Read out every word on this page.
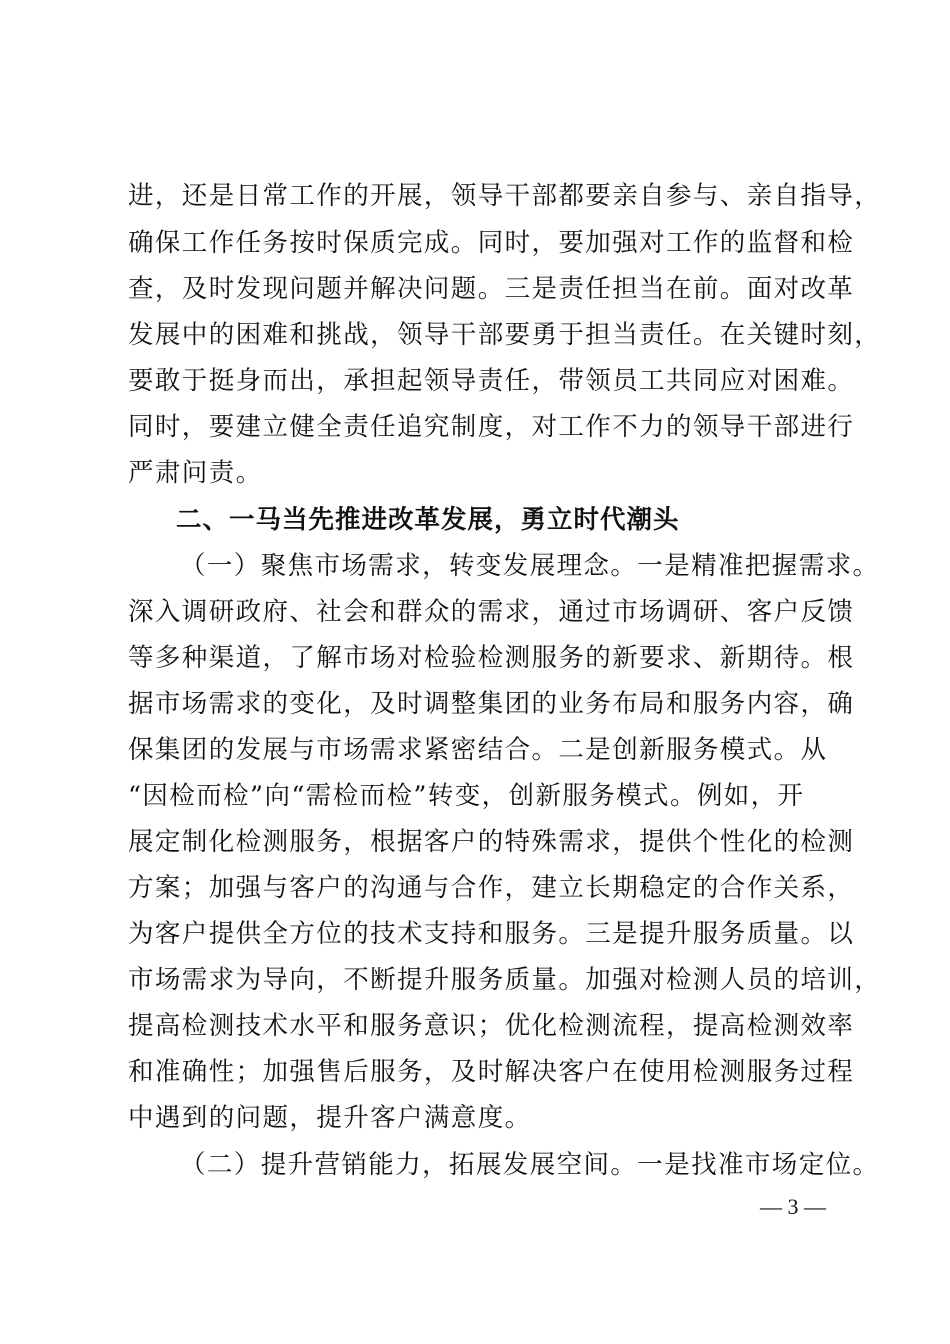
进，还是日常工作的开展，领导干部都要亲自参与、亲自指导，
确保工作任务按时保质完成。同时，要加强对工作的监督和检
查，及时发现问题并解决问题。三是责任担当在前。面对改革
发展中的困难和挑战，领导干部要勇于担当责任。在关键时刻，
要敢于挺身而出，承担起领导责任，带领员工共同应对困难。
同时，要建立健全责任追究制度，对工作不力的领导干部进行
严肃问责。
二、一马当先推进改革发展，勇立时代潮头
（一）聚焦市场需求，转变发展理念。一是精准把握需求。
深入调研政府、社会和群众的需求，通过市场调研、客户反馈
等多种渠道，了解市场对检验检测服务的新要求、新期待。根
据市场需求的变化，及时调整集团的业务布局和服务内容，确
保集团的发展与市场需求紧密结合。二是创新服务模式。从
“因检而检”向“需检而检”转变，创新服务模式。例如，开
展定制化检测服务，根据客户的特殊需求，提供个性化的检测
方案；加强与客户的沟通与合作，建立长期稳定的合作关系，
为客户提供全方位的技术支持和服务。三是提升服务质量。以
市场需求为导向，不断提升服务质量。加强对检测人员的培训，
提高检测技术水平和服务意识；优化检测流程，提高检测效率
和准确性；加强售后服务，及时解决客户在使用检测服务过程
中遇到的问题，提升客户满意度。
（二）提升营销能力，拓展发展空间。一是找准市场定位。
— 3 —
